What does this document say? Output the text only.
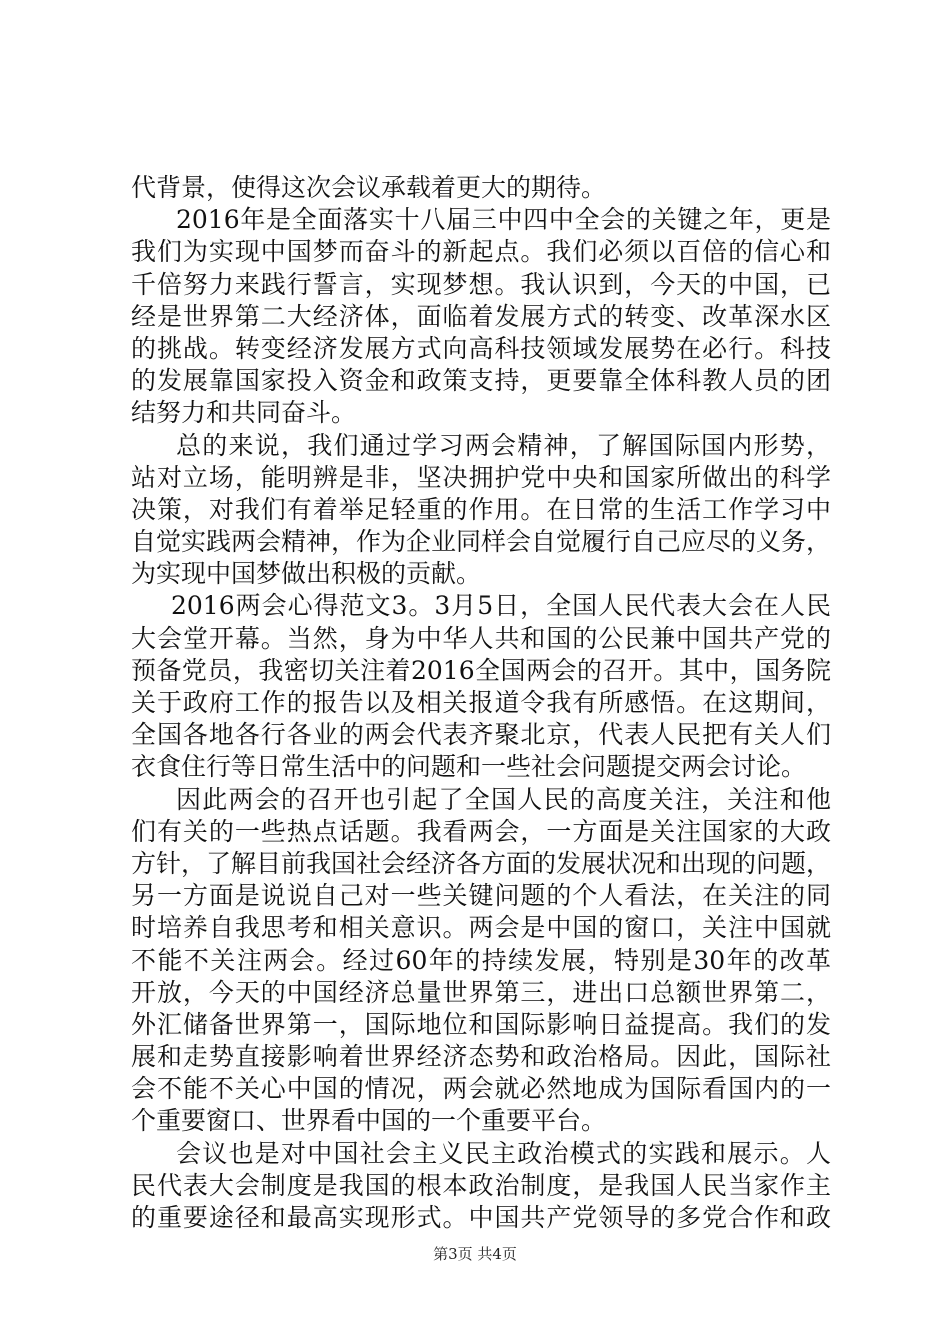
代背景，使得这次会议承载着更大的期待。
2016年是全面落实十八届三中四中全会的关键之年，更是
我们为实现中国梦而奋斗的新起点。我们必须以百倍的信心和
千倍努力来践行誓言，实现梦想。我认识到，今天的中国，已
经是世界第二大经济体，面临着发展方式的转变、改革深水区
的挑战。转变经济发展方式向高科技领域发展势在必行。科技
的发展靠国家投入资金和政策支持，更要靠全体科教人员的团
结努力和共同奋斗。
总的来说，我们通过学习两会精神，了解国际国内形势，
站对立场，能明辨是非，坚决拥护党中央和国家所做出的科学
决策，对我们有着举足轻重的作用。在日常的生活工作学习中
自觉实践两会精神，作为企业同样会自觉履行自己应尽的义务，
为实现中国梦做出积极的贡献。
2016两会心得范文3。3月5日，全国人民代表大会在人民
大会堂开幕。当然，身为中华人共和国的公民兼中国共产党的
预备党员，我密切关注着2016全国两会的召开。其中，国务院
关于政府工作的报告以及相关报道令我有所感悟。在这期间，
全国各地各行各业的两会代表齐聚北京，代表人民把有关人们
衣食住行等日常生活中的问题和一些社会问题提交两会讨论。
因此两会的召开也引起了全国人民的高度关注，关注和他
们有关的一些热点话题。我看两会，一方面是关注国家的大政
方针，了解目前我国社会经济各方面的发展状况和出现的问题，
另一方面是说说自己对一些关键问题的个人看法，在关注的同
时培养自我思考和相关意识。两会是中国的窗口，关注中国就
不能不关注两会。经过60年的持续发展，特别是30年的改革
开放，今天的中国经济总量世界第三，进出口总额世界第二，
外汇储备世界第一，国际地位和国际影响日益提高。我们的发
展和走势直接影响着世界经济态势和政治格局。因此，国际社
会不能不关心中国的情况，两会就必然地成为国际看国内的一
个重要窗口、世界看中国的一个重要平台。
会议也是对中国社会主义民主政治模式的实践和展示。人
民代表大会制度是我国的根本政治制度，是我国人民当家作主
的重要途径和最高实现形式。中国共产党领导的多党合作和政
第3页 共4页
